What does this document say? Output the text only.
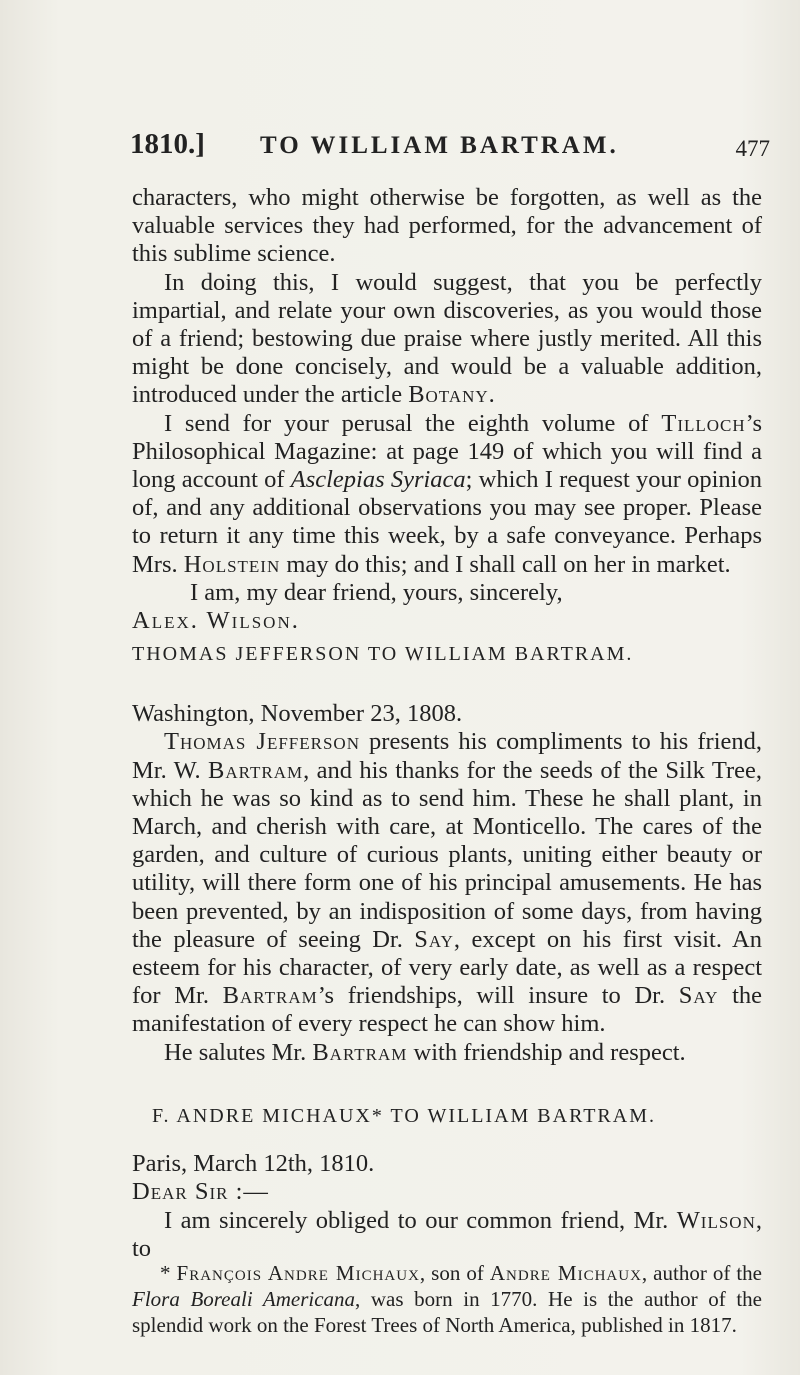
1810.] TO WILLIAM BARTRAM.	477

characters, who might otherwise be forgotten, as well as the valuable services they had performed, for the advancement of this sublime science.

In doing this, I would suggest, that you be perfectly impartial, and relate your own discoveries, as you would those of a friend; bestowing due praise where justly merited. All this might be done concisely, and would be a valuable addition, introduced under the article Botany.

I send for your perusal the eighth volume of Tilloch’s Philosophical Magazine: at page 149 of which you will find a long account of Asclepias Syriaca; which I request your opinion of, and any additional observations you may see proper. Please to return it any time this week, by a safe conveyance. Perhaps Mrs. Holstein may do this; and I shall call on her in market.

I am, my dear friend, yours, sincerely,

Alex. Wilson.

THOMAS JEFFERSON TO WILLIAM BARTRAM.

Washington, November 23, 1808.

Thomas Jefferson presents his compliments to his friend, Mr. W. Bartram, and his thanks for the seeds of the Silk Tree, which he was so kind as to send him. These he shall plant, in March, and cherish with care, at Monticello. The cares of the garden, and culture of curious plants, uniting either beauty or utility, will there form one of his principal amusements. He has been prevented, by an indisposition of some days, from having the pleasure of seeing Dr. Say, except on his first visit. An esteem for his character, of very early date, as well as a respect for Mr. Bartram’s friendships, will insure to Dr. Say the manifestation of every respect he can show him.

He salutes Mr. Bartram with friendship and respect.

F. ANDRE MICHAUX* TO WILLIAM BARTRAM.

Paris, March 12th, 1810.

Dear Sir :—

I am sincerely obliged to our common friend, Mr. Wilson, to

* François Andre Michaux, son of Andre Michaux, author of the Flora Boreali Americana, was born in 1770. He is the author of the splendid work on the Forest Trees of North America, published in 1817.
